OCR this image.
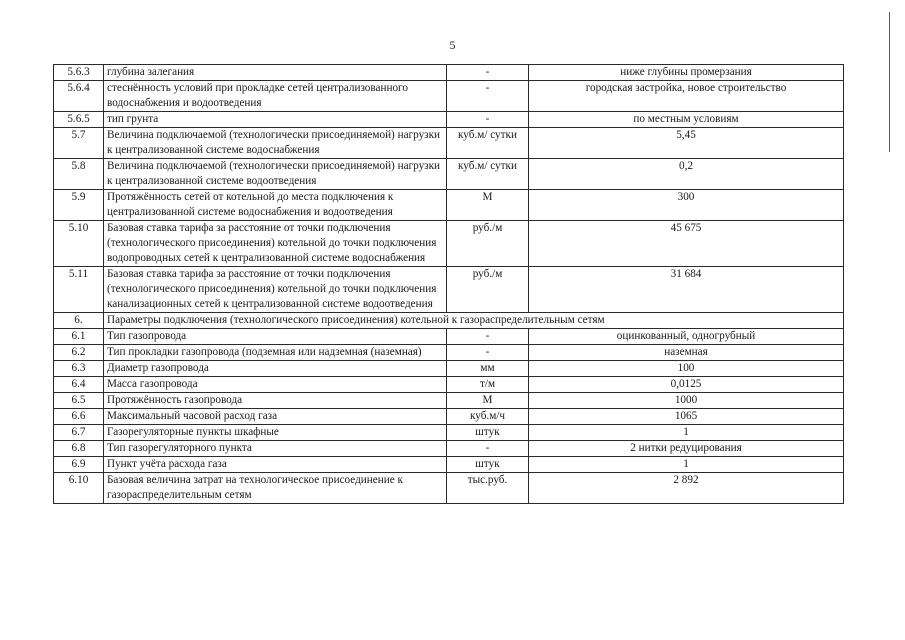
5
5.6.3	глубина залегания	-	ниже глубины промерзания
5.6.4	стеснённость условий при прокладке сетей централизованного водоснабжения и водоотведения	-	городская застройка, новое строительство
5.6.5	тип грунта	-	по местным условиям
5.7	Величина подключаемой (технологически присоединяемой) нагрузки к централизованной системе водоснабжения	куб.м/ сутки	5,45
5.8	Величина подключаемой (технологически присоединяемой) нагрузки к централизованной системе водоотведения	куб.м/ сутки	0,2
5.9	Протяжённость сетей от котельной до места подключения к централизованной системе водоснабжения и водоотведения	М	300
5.10	Базовая ставка тарифа за расстояние от точки подключения (технологического присоединения) котельной до точки подключения водопроводных сетей к централизованной системе водоснабжения	руб./м	45 675
5.11	Базовая ставка тарифа за расстояние от точки подключения (технологического присоединения) котельной до точки подключения канализационных сетей к централизованной системе водоотведения	руб./м	31 684
6.	Параметры подключения (технологического присоединения) котельной к газораспределительным сетям		
6.1	Тип газопровода	-	оцинкованный, одногрубный
6.2	Тип прокладки газопровода (подземная или надземная (наземная)	-	наземная
6.3	Диаметр газопровода	мм	100
6.4	Масса газопровода	т/м	0,0125
6.5	Протяжённость газопровода	М	1000
6.6	Максимальный часовой расход газа	куб.м/ч	1065
6.7	Газорегуляторные пункты шкафные	штук	1
6.8	Тип газорегуляторного пункта	-	2 нитки редуцирования
6.9	Пункт учёта расхода газа	штук	1
6.10	Базовая величина затрат на технологическое присоединение к газораспределительным сетям	тыс.руб.	2 892
